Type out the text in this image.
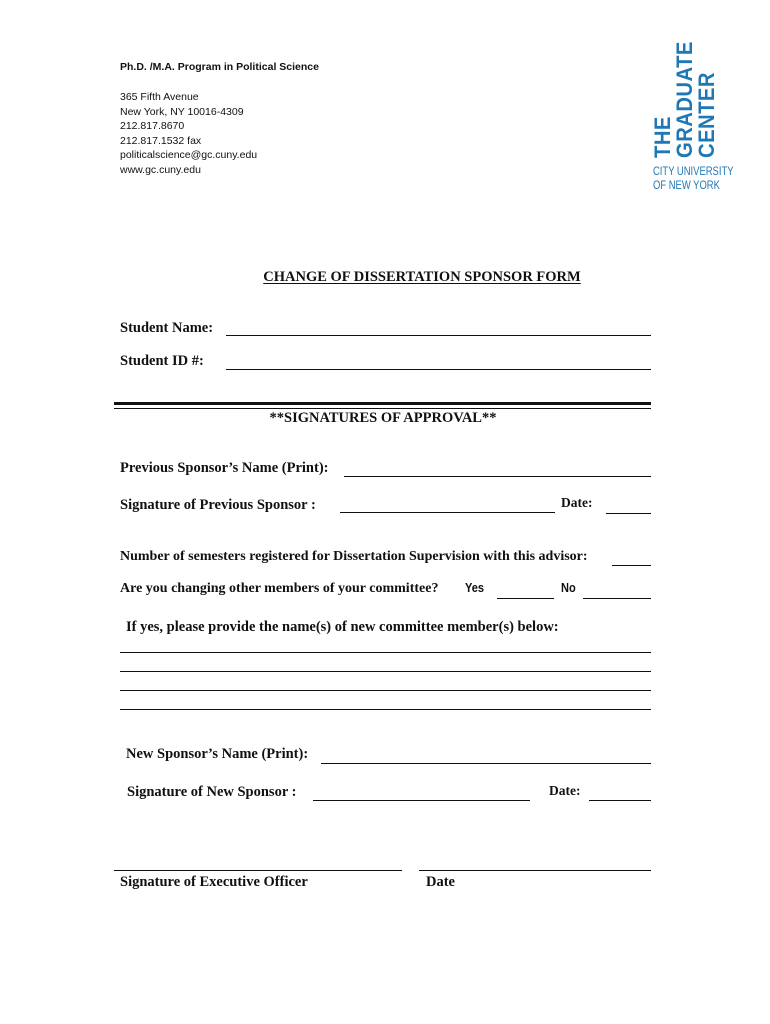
Ph.D. /M.A. Program in Political Science
365 Fifth Avenue
New York, NY 10016-4309
212.817.8670
212.817.1532 fax
politicalscience@gc.cuny.edu
www.gc.cuny.edu
THE
GRADUATE
CENTER
CITY UNIVERSITY
OF NEW YORK
CHANGE OF DISSERTATION SPONSOR FORM
Student Name:
Student ID #:
**SIGNATURES OF APPROVAL**
Previous Sponsor’s Name (Print):
Signature of Previous Sponsor :	Date:
Number of semesters registered for Dissertation Supervision with this advisor:
Are you changing other members of your committee? Yes	No
If yes, please provide the name(s) of new committee member(s) below:
New Sponsor’s Name (Print):
Signature of New Sponsor :	Date:
Signature of Executive Officer	Date
